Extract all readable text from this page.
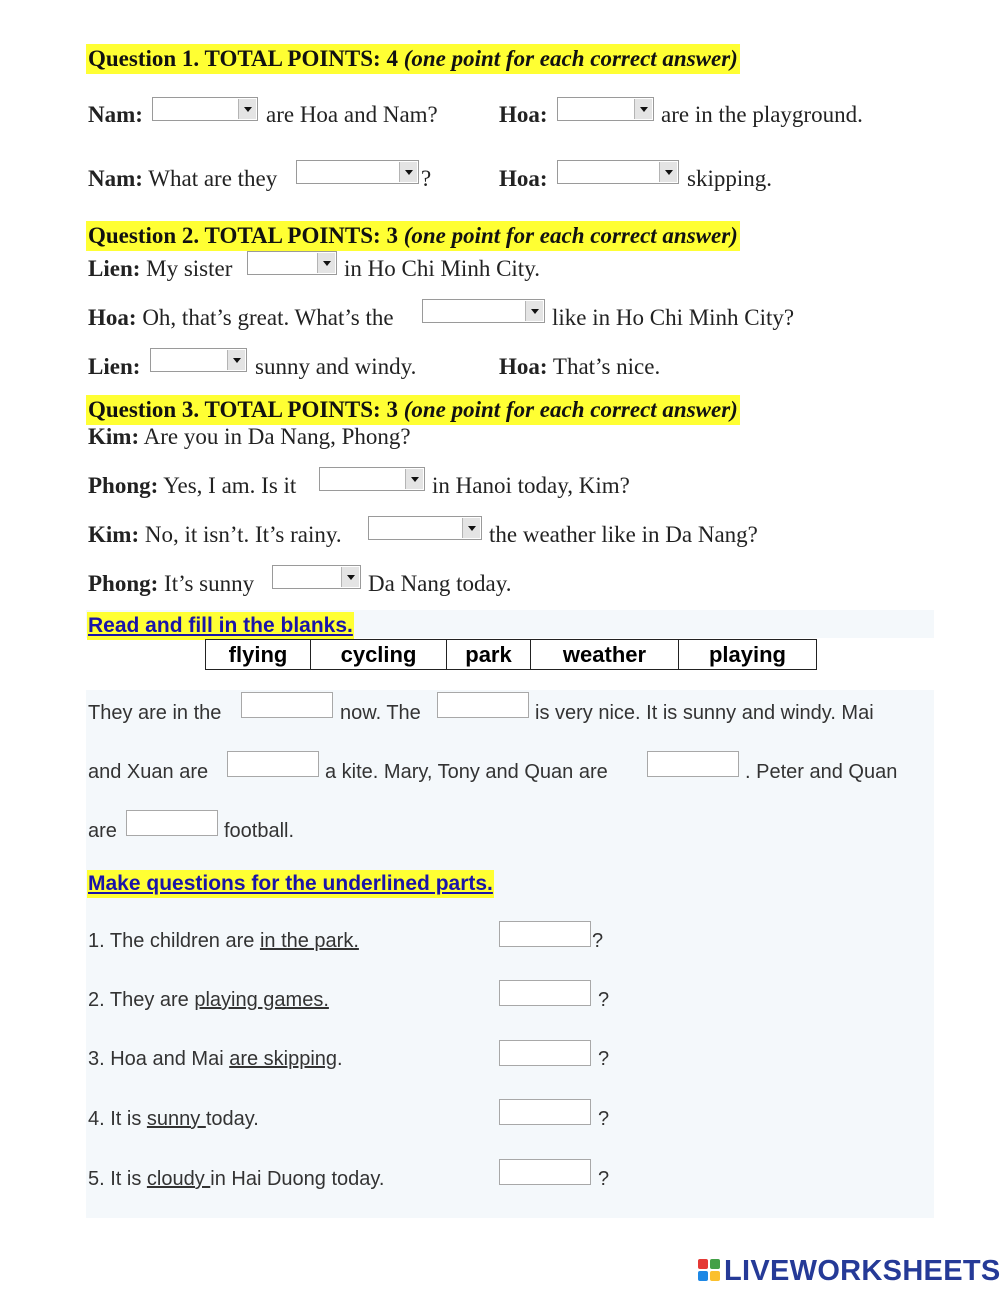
Question 1. TOTAL POINTS: 4 (one point for each correct answer)
Nam:	are Hoa and Nam?	Hoa:	are in the playground.
Nam: What are they	?	Hoa:	skipping.
Question 2. TOTAL POINTS: 3 (one point for each correct answer)
Lien: My sister	in Ho Chi Minh City.
Hoa: Oh, that’s great. What’s the	like in Ho Chi Minh City?
Lien:	sunny and windy.	Hoa: That’s nice.
Question 3. TOTAL POINTS: 3 (one point for each correct answer)
Kim: Are you in Da Nang, Phong?
Phong: Yes, I am. Is it	in Hanoi today, Kim?
Kim: No, it isn’t. It’s rainy.	the weather like in Da Nang?
Phong: It’s sunny	Da Nang today.
Read and fill in the blanks.
flying	cycling	park	weather	playing
They are in the	now. The	is very nice. It is sunny and windy. Mai
and Xuan are	a kite. Mary, Tony and Quan are	. Peter and Quan
are	football.
Make questions for the underlined parts.
1. The children are in the park.	?
2. They are playing games.	?
3. Hoa and Mai are skipping.	?
4. It is sunny today.	?
5. It is cloudy in Hai Duong today.	?
LIVEWORKSHEETS
